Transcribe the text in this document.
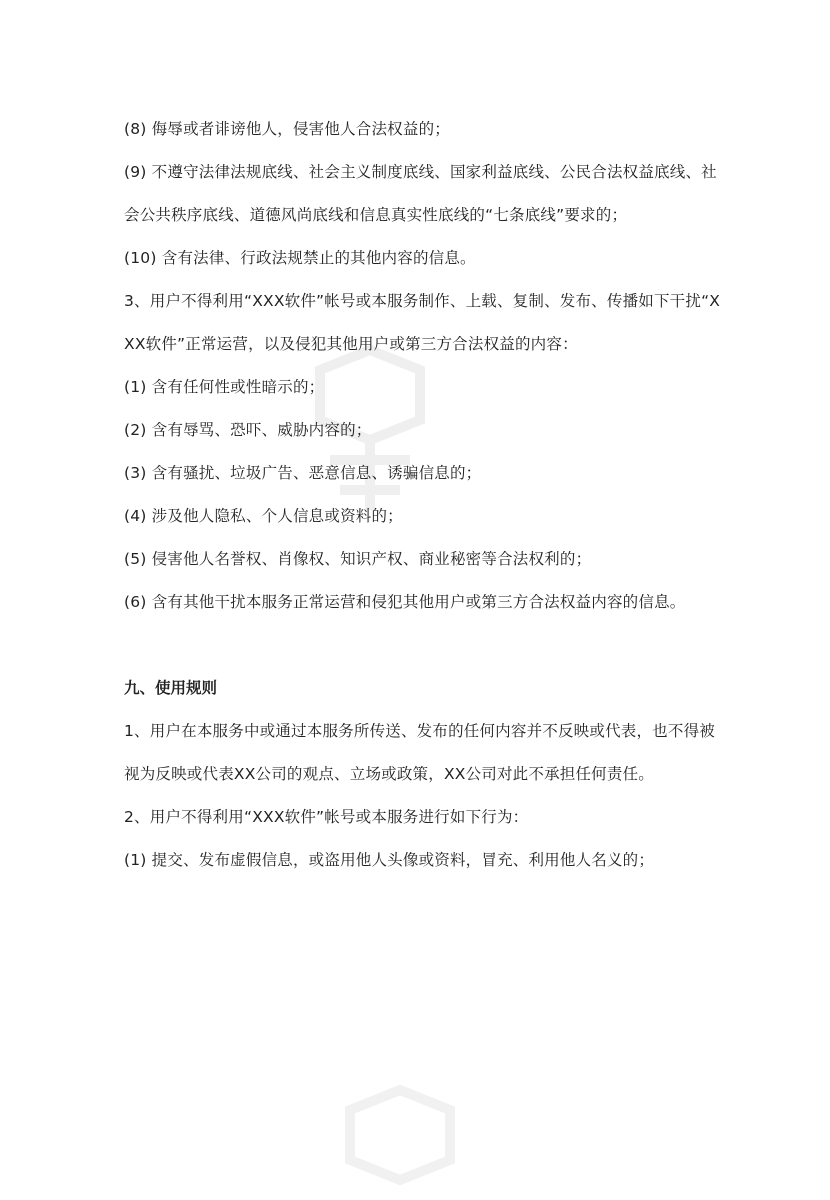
(8) 侮辱或者诽谤他人，侵害他人合法权益的；

(9) 不遵守法律法规底线、社会主义制度底线、国家利益底线、公民合法权益底线、社会公共秩序底线、道德风尚底线和信息真实性底线的“七条底线”要求的；

(10) 含有法律、行政法规禁止的其他内容的信息。

3、用户不得利用“XXX软件”帐号或本服务制作、上载、复制、发布、传播如下干扰“XXX软件”正常运营，以及侵犯其他用户或第三方合法权益的内容：

(1) 含有任何性或性暗示的；

(2) 含有辱骂、恐吓、威胁内容的；

(3) 含有骚扰、垃圾广告、恶意信息、诱骗信息的；

(4) 涉及他人隐私、个人信息或资料的；

(5) 侵害他人名誉权、肖像权、知识产权、商业秘密等合法权利的；

(6) 含有其他干扰本服务正常运营和侵犯其他用户或第三方合法权益内容的信息。

九、使用规则

1、用户在本服务中或通过本服务所传送、发布的任何内容并不反映或代表，也不得被视为反映或代表XX公司的观点、立场或政策，XX公司对此不承担任何责任。

2、用户不得利用“XXX软件”帐号或本服务进行如下行为：

(1) 提交、发布虚假信息，或盗用他人头像或资料，冒充、利用他人名义的；
